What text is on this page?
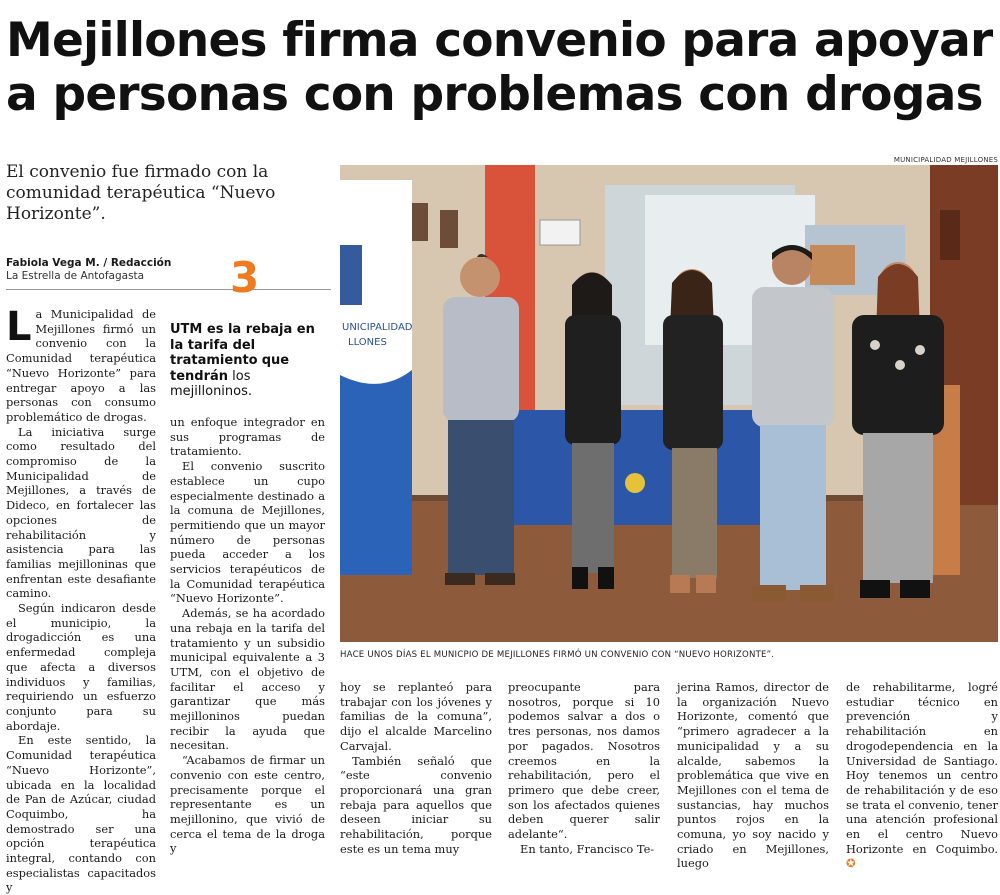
Mejillones firma convenio para apoyar
a personas con problemas con drogas
El convenio fue firmado con la comunidad terapéutica “Nuevo Horizonte”.
Fabiola Vega M. / Redacción
La Estrella de Antofagasta	3
UTM es la rebaja en la tarifa del tratamiento que tendrán los mejilloninos.

La Municipalidad de Mejillones firmó un convenio con la Comunidad terapéutica “Nuevo Horizonte” para entregar apoyo a las personas con consumo problemático de drogas.

La iniciativa surge como resultado del compromiso de la Municipalidad de Mejillones, a través de Dideco, en fortalecer las opciones de rehabilitación y asistencia para las familias mejilloninas que enfrentan este desafiante camino.

Según indicaron desde el municipio, la drogadicción es una enfermedad compleja que afecta a diversos individuos y familias, requiriendo un esfuerzo conjunto para su abordaje.

En este sentido, la Comunidad terapéutica “Nuevo Horizonte”, ubicada en la localidad de Pan de Azúcar, ciudad Coquimbo, ha demostrado ser una opción terapéutica integral, contando con especialistas capacitados y

un enfoque integrador en sus programas de tratamiento.

El convenio suscrito establece un cupo especialmente destinado a la comuna de Mejillones, permitiendo que un mayor número de personas pueda acceder a los servicios terapéuticos de la Comunidad terapéutica “Nuevo Horizonte”.

Además, se ha acordado una rebaja en la tarifa del tratamiento y un subsidio municipal equivalente a 3 UTM, con el objetivo de facilitar el acceso y garantizar que más mejilloninos puedan recibir la ayuda que necesitan.

“Acabamos de firmar un convenio con este centro, precisamente porque el representante es un mejillonino, que vivió de cerca el tema de la droga y

hoy se replanteó para trabajar con los jóvenes y familias de la comuna”, dijo el alcalde Marcelino Carvajal.

También señaló que “este convenio proporcionará una gran rebaja para aquellos que deseen iniciar su rehabilitación, porque este es un tema muy

preocupante para nosotros, porque si 10 podemos salvar a dos o tres personas, nos damos por pagados. Nosotros creemos en la rehabilitación, pero el primero que debe creer, son los afectados quienes deben querer salir adelante“.

En tanto, Francisco Te-

jerina Ramos, director de la organización Nuevo Horizonte, comentó que “primero agradecer a la municipalidad y a su alcalde, sabemos la problemática que vive en Mejillones con el tema de sustancias, hay muchos puntos rojos en la comuna, yo soy nacido y criado en Mejillones, luego

de rehabilitarme, logré estudiar técnico en prevención y rehabilitación en drogodependencia en la Universidad de Santiago. Hoy tenemos un centro de rehabilitación y de eso se trata el convenio, tener una atención profesional en el centro Nuevo Horizonte en Coquimbo. ✪

MUNICIPALIDAD MEJILLONES
UNICIPALIDAD
LLONES
HACE UNOS DÍAS EL MUNICPIO DE MEJILLONES FIRMÓ UN CONVENIO CON “NUEVO HORIZONTE”.
